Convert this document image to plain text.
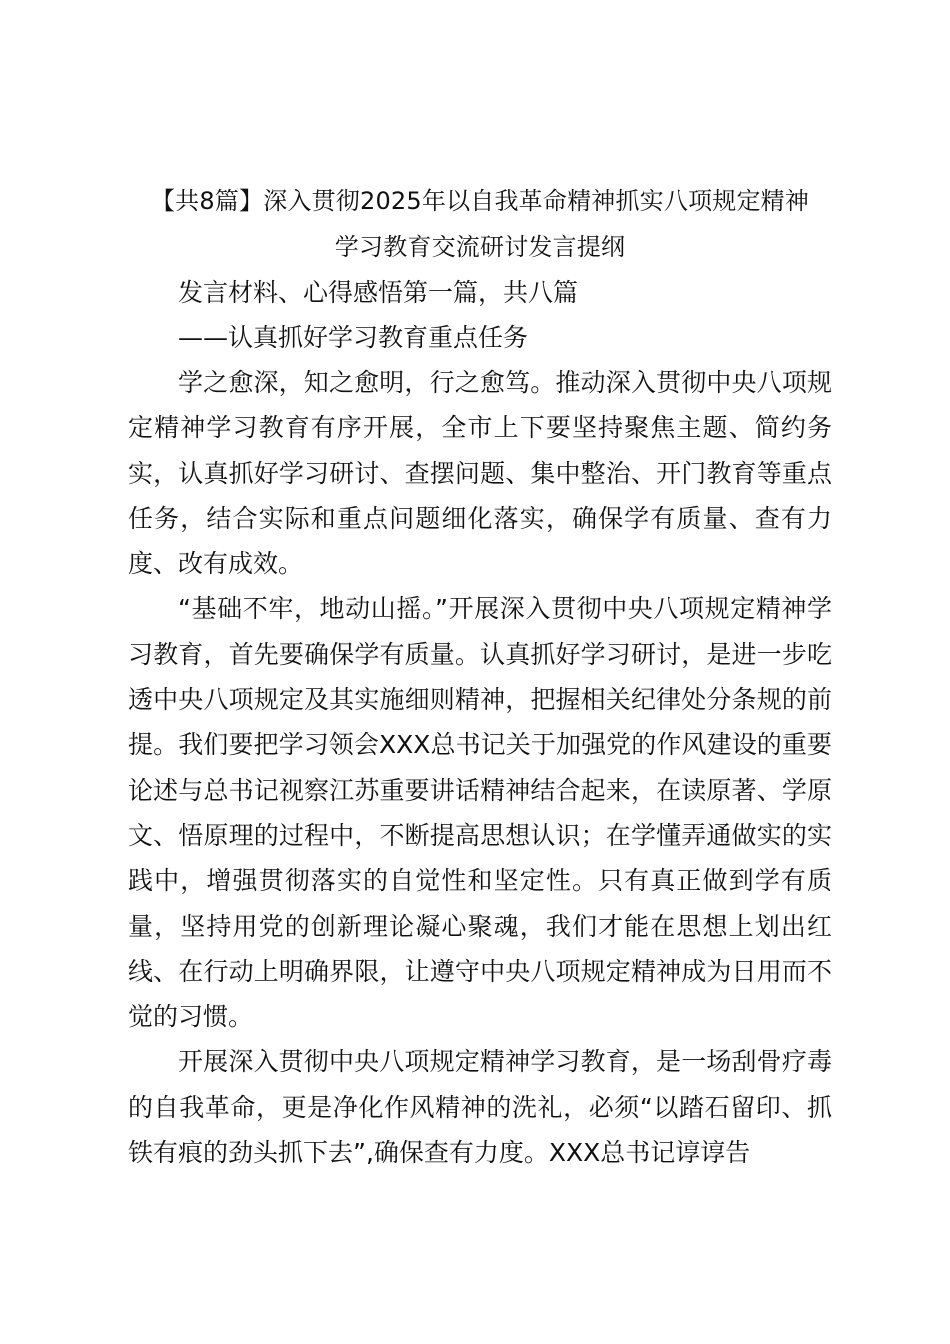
【共8篇】深入贯彻2025年以自我革命精神抓实八项规定精神
学习教育交流研讨发言提纲

发言材料、心得感悟第一篇，共八篇

——认真抓好学习教育重点任务

学之愈深，知之愈明，行之愈笃。推动深入贯彻中央八项规定精神学习教育有序开展，全市上下要坚持聚焦主题、简约务实，认真抓好学习研讨、查摆问题、集中整治、开门教育等重点任务，结合实际和重点问题细化落实，确保学有质量、查有力度、改有成效。

“基础不牢，地动山摇。”开展深入贯彻中央八项规定精神学习教育，首先要确保学有质量。认真抓好学习研讨，是进一步吃透中央八项规定及其实施细则精神，把握相关纪律处分条规的前提。我们要把学习领会XXX总书记关于加强党的作风建设的重要论述与总书记视察江苏重要讲话精神结合起来，在读原著、学原文、悟原理的过程中，不断提高思想认识；在学懂弄通做实的实践中，增强贯彻落实的自觉性和坚定性。只有真正做到学有质量，坚持用党的创新理论凝心聚魂，我们才能在思想上划出红线、在行动上明确界限，让遵守中央八项规定精神成为日用而不觉的习惯。

开展深入贯彻中央八项规定精神学习教育，是一场刮骨疗毒的自我革命，更是净化作风精神的洗礼，必须“以踏石留印、抓铁有痕的劲头抓下去”,确保查有力度。XXX总书记谆谆告
